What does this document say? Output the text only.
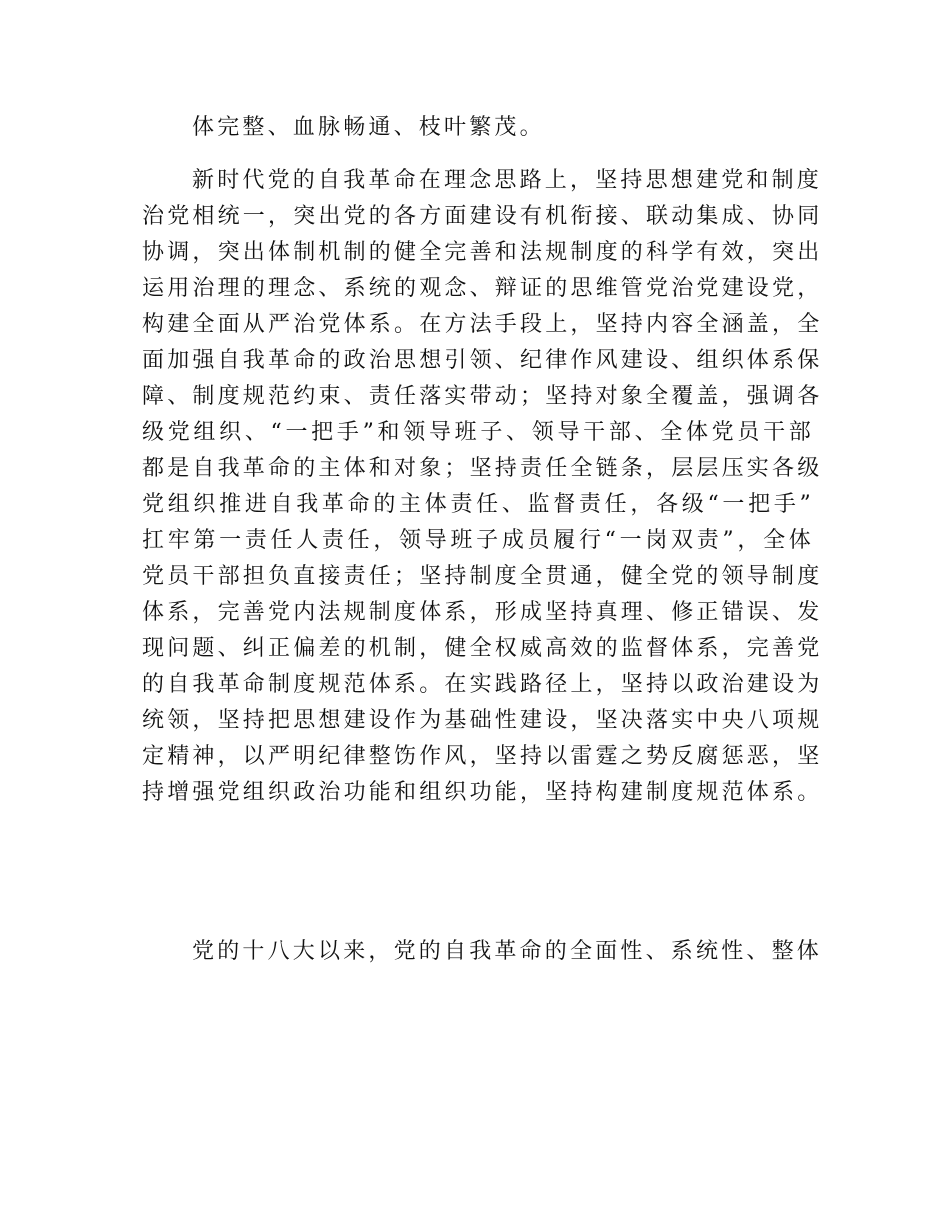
体完整、血脉畅通、枝叶繁茂。
新时代党的自我革命在理念思路上，坚持思想建党和制度
治党相统一，突出党的各方面建设有机衔接、联动集成、协同
协调，突出体制机制的健全完善和法规制度的科学有效，突出
运用治理的理念、系统的观念、辩证的思维管党治党建设党，
构建全面从严治党体系。在方法手段上，坚持内容全涵盖，全
面加强自我革命的政治思想引领、纪律作风建设、组织体系保
障、制度规范约束、责任落实带动；坚持对象全覆盖，强调各
级党组织、“一把手”和领导班子、领导干部、全体党员干部
都是自我革命的主体和对象；坚持责任全链条，层层压实各级
党组织推进自我革命的主体责任、监督责任，各级“一把手”
扛牢第一责任人责任，领导班子成员履行“一岗双责”，全体
党员干部担负直接责任；坚持制度全贯通，健全党的领导制度
体系，完善党内法规制度体系，形成坚持真理、修正错误、发
现问题、纠正偏差的机制，健全权威高效的监督体系，完善党
的自我革命制度规范体系。在实践路径上，坚持以政治建设为
统领，坚持把思想建设作为基础性建设，坚决落实中央八项规
定精神，以严明纪律整饬作风，坚持以雷霆之势反腐惩恶，坚
持增强党组织政治功能和组织功能，坚持构建制度规范体系。
党的十八大以来，党的自我革命的全面性、系统性、整体
